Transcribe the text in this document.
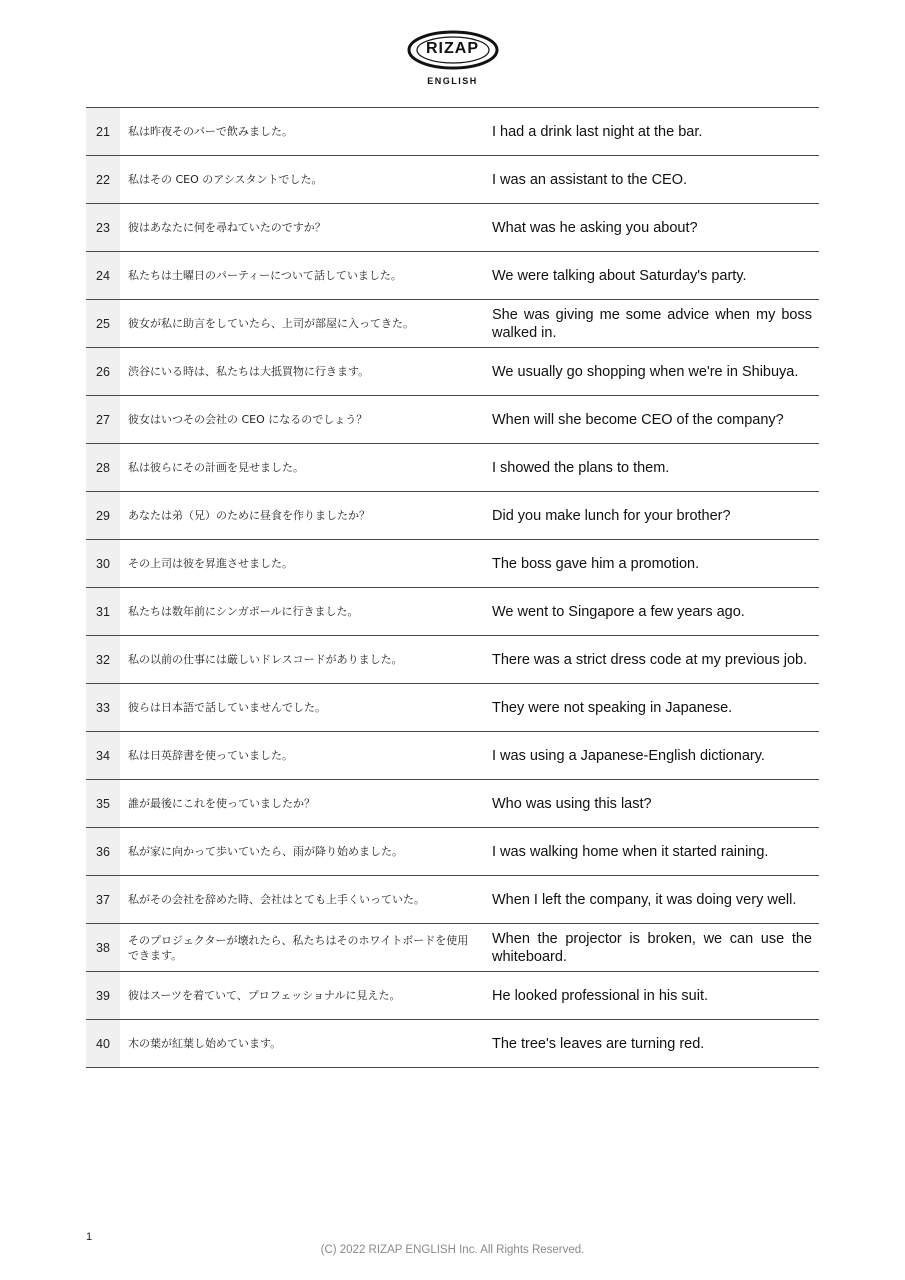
RIZAP
ENGLISH
21	私は昨夜そのバーで飲みました。	I had a drink last night at the bar.
22	私はその CEO のアシスタントでした。	I was an assistant to the CEO.
23	彼はあなたに何を尋ねていたのですか？	What was he asking you about?
24	私たちは土曜日のパーティーについて話していました。	We were talking about Saturday's party.
25	彼女が私に助言をしていたら、上司が部屋に入ってきた。	She was giving me some advice when my boss walked in.
26	渋谷にいる時は、私たちは大抵買物に行きます。	We usually go shopping when we're in Shibuya.
27	彼女はいつその会社の CEO になるのでしょう？	When will she become CEO of the company?
28	私は彼らにその計画を見せました。	I showed the plans to them.
29	あなたは弟（兄）のために昼食を作りましたか？	Did you make lunch for your brother?
30	その上司は彼を昇進させました。	The boss gave him a promotion.
31	私たちは数年前にシンガポールに行きました。	We went to Singapore a few years ago.
32	私の以前の仕事には厳しいドレスコードがありました。	There was a strict dress code at my previous job.
33	彼らは日本語で話していませんでした。	They were not speaking in Japanese.
34	私は日英辞書を使っていました。	I was using a Japanese-English dictionary.
35	誰が最後にこれを使っていましたか？	Who was using this last?
36	私が家に向かって歩いていたら、雨が降り始めました。	I was walking home when it started raining.
37	私がその会社を辞めた時、会社はとても上手くいっていた。	When I left the company, it was doing very well.
38	そのプロジェクターが壊れたら、私たちはそのホワイトボードを使用できます。	When the projector is broken, we can use the whiteboard.
39	彼はスーツを着ていて、プロフェッショナルに見えた。	He looked professional in his suit.
40	木の葉が紅葉し始めています。	The tree's leaves are turning red.
1
(C) 2022 RIZAP ENGLISH Inc. All Rights Reserved.
